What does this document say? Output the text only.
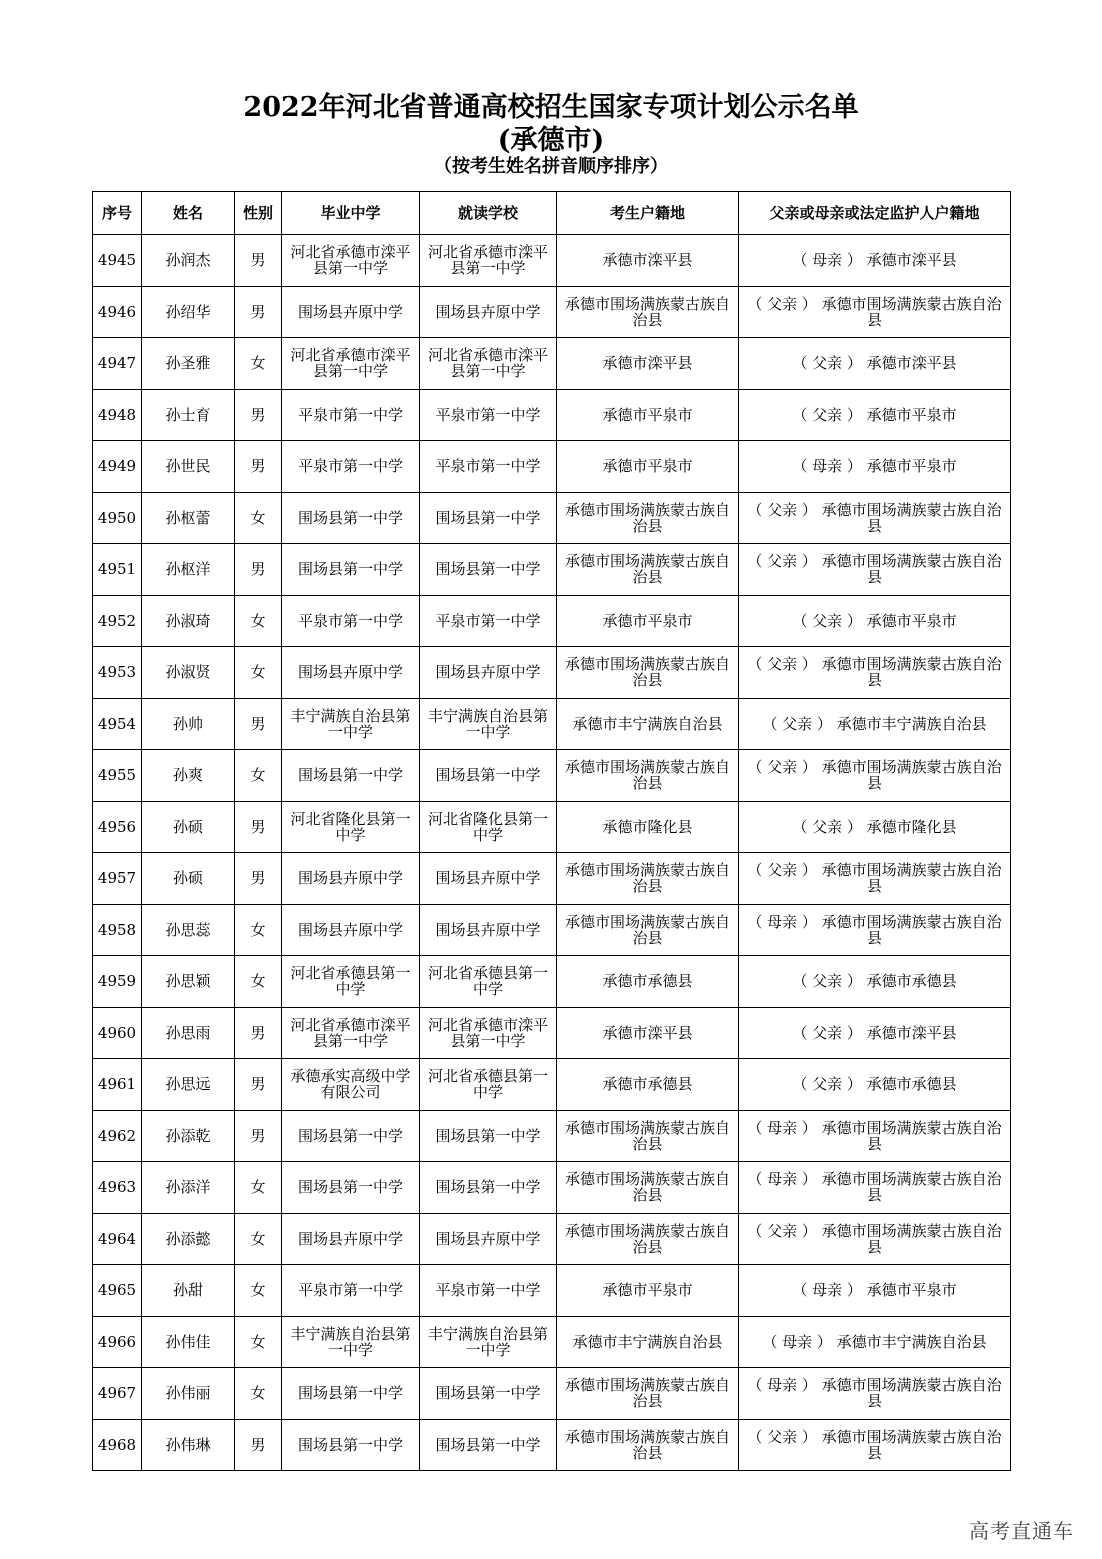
2022年河北省普通高校招生国家专项计划公示名单
(承德市)
（按考生姓名拼音顺序排序）
序号	姓名	性别	毕业中学	就读学校	考生户籍地	父亲或母亲或法定监护人户籍地
4945	孙润杰	男	河北省承德市滦平县第一中学	河北省承德市滦平县第一中学	承德市滦平县	（ 母亲 ） 承德市滦平县
4946	孙绍华	男	围场县卉原中学	围场县卉原中学	承德市围场满族蒙古族自治县	（ 父亲 ） 承德市围场满族蒙古族自治县
4947	孙圣雅	女	河北省承德市滦平县第一中学	河北省承德市滦平县第一中学	承德市滦平县	（ 父亲 ） 承德市滦平县
4948	孙士育	男	平泉市第一中学	平泉市第一中学	承德市平泉市	（ 父亲 ） 承德市平泉市
4949	孙世民	男	平泉市第一中学	平泉市第一中学	承德市平泉市	（ 母亲 ） 承德市平泉市
4950	孙枢蕾	女	围场县第一中学	围场县第一中学	承德市围场满族蒙古族自治县	（ 父亲 ） 承德市围场满族蒙古族自治县
4951	孙枢洋	男	围场县第一中学	围场县第一中学	承德市围场满族蒙古族自治县	（ 父亲 ） 承德市围场满族蒙古族自治县
4952	孙淑琦	女	平泉市第一中学	平泉市第一中学	承德市平泉市	（ 父亲 ） 承德市平泉市
4953	孙淑贤	女	围场县卉原中学	围场县卉原中学	承德市围场满族蒙古族自治县	（ 父亲 ） 承德市围场满族蒙古族自治县
4954	孙帅	男	丰宁满族自治县第一中学	丰宁满族自治县第一中学	承德市丰宁满族自治县	（ 父亲 ） 承德市丰宁满族自治县
4955	孙爽	女	围场县第一中学	围场县第一中学	承德市围场满族蒙古族自治县	（ 父亲 ） 承德市围场满族蒙古族自治县
4956	孙硕	男	河北省隆化县第一中学	河北省隆化县第一中学	承德市隆化县	（ 父亲 ） 承德市隆化县
4957	孙硕	男	围场县卉原中学	围场县卉原中学	承德市围场满族蒙古族自治县	（ 父亲 ） 承德市围场满族蒙古族自治县
4958	孙思蕊	女	围场县卉原中学	围场县卉原中学	承德市围场满族蒙古族自治县	（ 母亲 ） 承德市围场满族蒙古族自治县
4959	孙思颖	女	河北省承德县第一中学	河北省承德县第一中学	承德市承德县	（ 父亲 ） 承德市承德县
4960	孙思雨	男	河北省承德市滦平县第一中学	河北省承德市滦平县第一中学	承德市滦平县	（ 父亲 ） 承德市滦平县
4961	孙思远	男	承德承实高级中学有限公司	河北省承德县第一中学	承德市承德县	（ 父亲 ） 承德市承德县
4962	孙添乾	男	围场县第一中学	围场县第一中学	承德市围场满族蒙古族自治县	（ 母亲 ） 承德市围场满族蒙古族自治县
4963	孙添洋	女	围场县第一中学	围场县第一中学	承德市围场满族蒙古族自治县	（ 母亲 ） 承德市围场满族蒙古族自治县
4964	孙添懿	女	围场县卉原中学	围场县卉原中学	承德市围场满族蒙古族自治县	（ 父亲 ） 承德市围场满族蒙古族自治县
4965	孙甜	女	平泉市第一中学	平泉市第一中学	承德市平泉市	（ 母亲 ） 承德市平泉市
4966	孙伟佳	女	丰宁满族自治县第一中学	丰宁满族自治县第一中学	承德市丰宁满族自治县	（ 母亲 ） 承德市丰宁满族自治县
4967	孙伟丽	女	围场县第一中学	围场县第一中学	承德市围场满族蒙古族自治县	（ 母亲 ） 承德市围场满族蒙古族自治县
4968	孙伟琳	男	围场县第一中学	围场县第一中学	承德市围场满族蒙古族自治县	（ 父亲 ） 承德市围场满族蒙古族自治县
高考直通车
